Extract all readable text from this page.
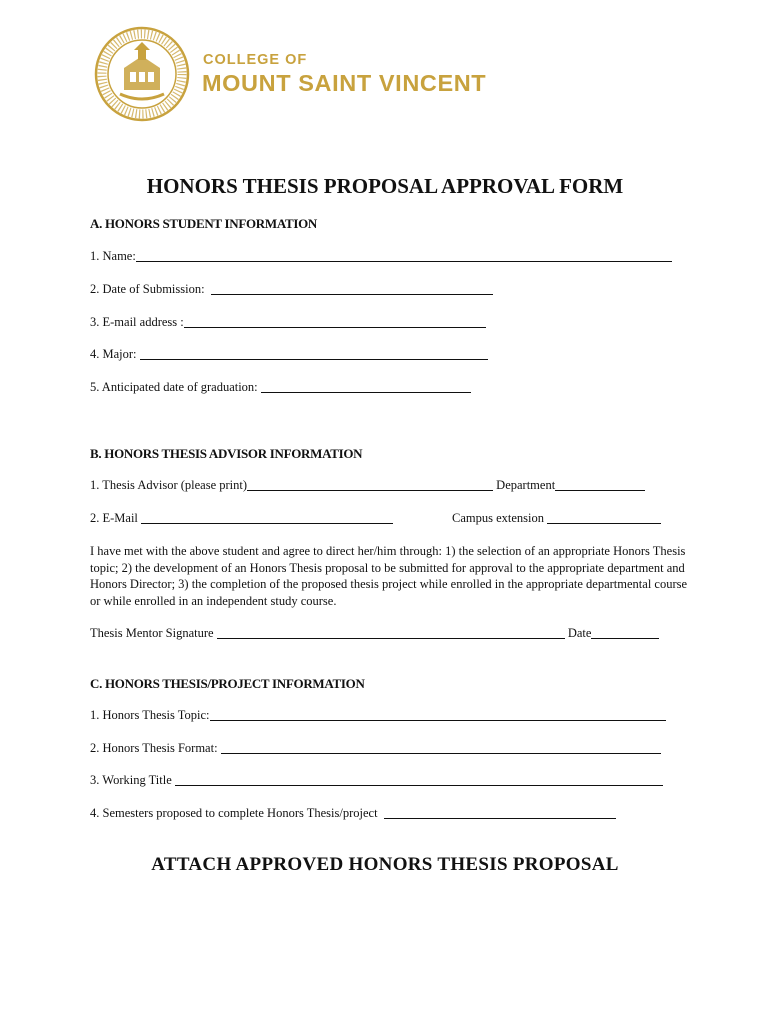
COLLEGE OF
MOUNT SAINT VINCENT
HONORS THESIS PROPOSAL APPROVAL FORM
A. HONORS STUDENT INFORMATION
1. Name:
2. Date of Submission:
3. E-mail address :
4. Major:
5. Anticipated date of graduation:
B. HONORS THESIS ADVISOR INFORMATION
1. Thesis Advisor (please print)	Department
2. E-Mail	Campus extension
I have met with the above student and agree to direct her/him through: 1) the selection of an appropriate Honors Thesis topic; 2) the development of an Honors Thesis proposal to be submitted for approval to the appropriate department and Honors Director; 3) the completion of the proposed thesis project while enrolled in the appropriate departmental course or while enrolled in an independent study course.
Thesis Mentor Signature	Date
C. HONORS THESIS/PROJECT INFORMATION
1. Honors Thesis Topic:
2. Honors Thesis Format:
3. Working Title
4. Semesters proposed to complete Honors Thesis/project
ATTACH APPROVED HONORS THESIS PROPOSAL
